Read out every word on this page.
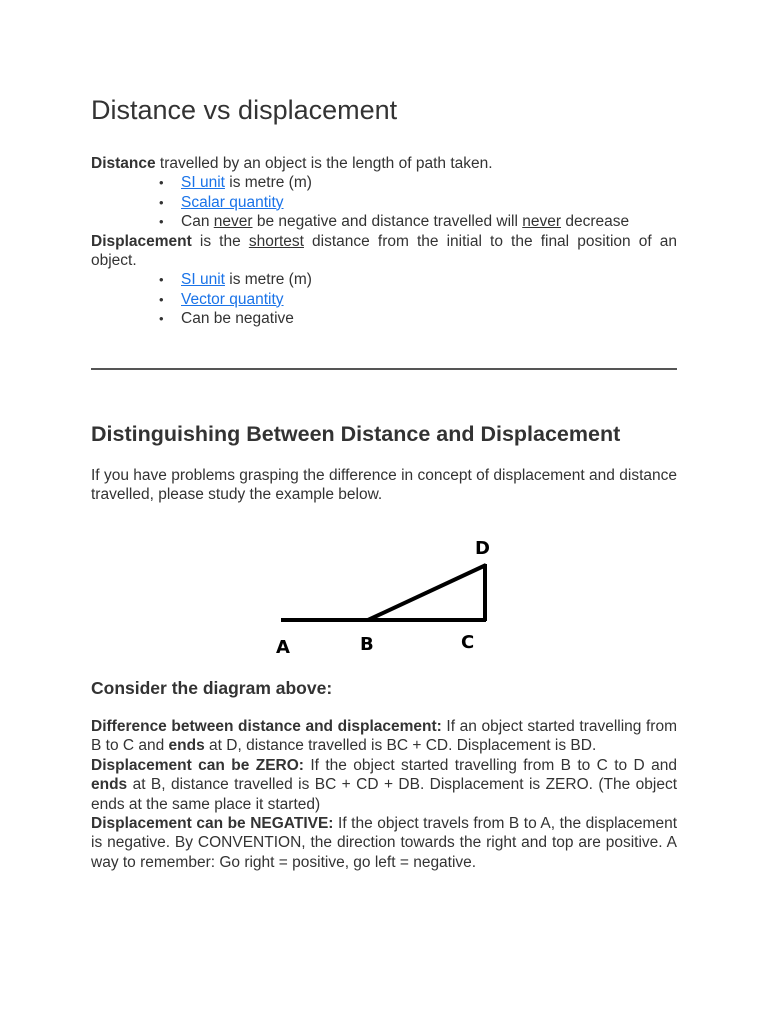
Distance vs displacement

Distance travelled by an object is the length of path taken.

• SI unit is metre (m)
• Scalar quantity
• Can never be negative and distance travelled will never decrease

Displacement is the shortest distance from the initial to the final position of an object.

• SI unit is metre (m)
• Vector quantity
• Can be negative
Distinguishing Between Distance and Displacement

If you have problems grasping the difference in concept of displacement and distance travelled, please study the example below.

A	B	C
D
Consider the diagram above:

Difference between distance and displacement: If an object started travelling from B to C and ends at D, distance travelled is BC + CD. Displacement is BD.

Displacement can be ZERO: If the object started travelling from B to C to D and ends at B, distance travelled is BC + CD + DB. Displacement is ZERO. (The object ends at the same place it started)

Displacement can be NEGATIVE: If the object travels from B to A, the displacement is negative. By CONVENTION, the direction towards the right and top are positive. A way to remember: Go right = positive, go left = negative.
